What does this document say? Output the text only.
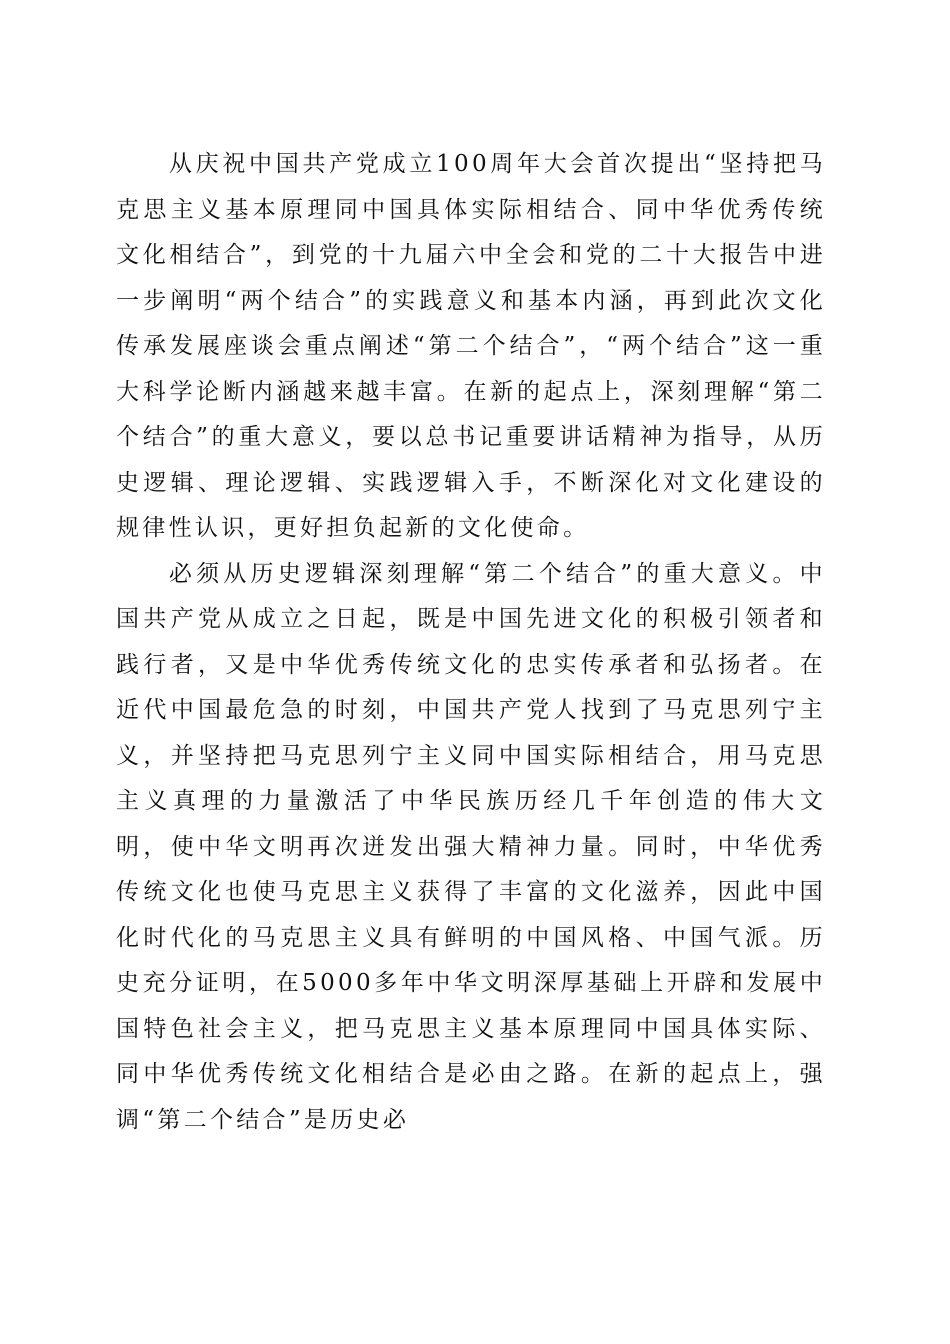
从庆祝中国共产党成立100周年大会首次提出“坚持把马克思主义基本原理同中国具体实际相结合、同中华优秀传统文化相结合”，到党的十九届六中全会和党的二十大报告中进一步阐明“两个结合”的实践意义和基本内涵，再到此次文化传承发展座谈会重点阐述“第二个结合”，“两个结合”这一重大科学论断内涵越来越丰富。在新的起点上，深刻理解“第二个结合”的重大意义，要以总书记重要讲话精神为指导，从历史逻辑、理论逻辑、实践逻辑入手，不断深化对文化建设的规律性认识，更好担负起新的文化使命。

必须从历史逻辑深刻理解“第二个结合”的重大意义。中国共产党从成立之日起，既是中国先进文化的积极引领者和践行者，又是中华优秀传统文化的忠实传承者和弘扬者。在近代中国最危急的时刻，中国共产党人找到了马克思列宁主义，并坚持把马克思列宁主义同中国实际相结合，用马克思主义真理的力量激活了中华民族历经几千年创造的伟大文明，使中华文明再次迸发出强大精神力量。同时，中华优秀传统文化也使马克思主义获得了丰富的文化滋养，因此中国化时代化的马克思主义具有鲜明的中国风格、中国气派。历史充分证明，在5000多年中华文明深厚基础上开辟和发展中国特色社会主义，把马克思主义基本原理同中国具体实际、同中华优秀传统文化相结合是必由之路。在新的起点上，强调“第二个结合”是历史必
